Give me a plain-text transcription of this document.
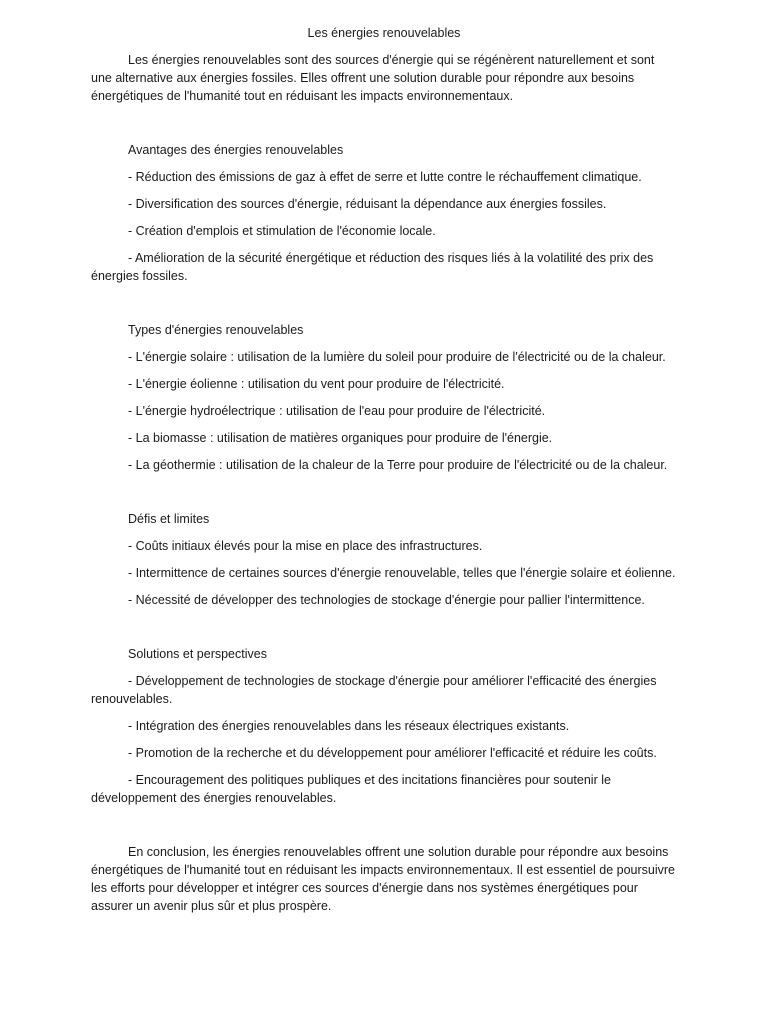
Les énergies renouvelables

Les énergies renouvelables sont des sources d'énergie qui se régénèrent naturellement et sont une alternative aux énergies fossiles. Elles offrent une solution durable pour répondre aux besoins énergétiques de l'humanité tout en réduisant les impacts environnementaux.

Avantages des énergies renouvelables

- Réduction des émissions de gaz à effet de serre et lutte contre le réchauffement climatique.

- Diversification des sources d'énergie, réduisant la dépendance aux énergies fossiles.

- Création d'emplois et stimulation de l'économie locale.

- Amélioration de la sécurité énergétique et réduction des risques liés à la volatilité des prix des énergies fossiles.

Types d'énergies renouvelables

- L'énergie solaire : utilisation de la lumière du soleil pour produire de l'électricité ou de la chaleur.

- L'énergie éolienne : utilisation du vent pour produire de l'électricité.

- L'énergie hydroélectrique : utilisation de l'eau pour produire de l'électricité.

- La biomasse : utilisation de matières organiques pour produire de l'énergie.

- La géothermie : utilisation de la chaleur de la Terre pour produire de l'électricité ou de la chaleur.

Défis et limites

- Coûts initiaux élevés pour la mise en place des infrastructures.

- Intermittence de certaines sources d'énergie renouvelable, telles que l'énergie solaire et éolienne.

- Nécessité de développer des technologies de stockage d'énergie pour pallier l'intermittence.

Solutions et perspectives

- Développement de technologies de stockage d'énergie pour améliorer l'efficacité des énergies renouvelables.

- Intégration des énergies renouvelables dans les réseaux électriques existants.

- Promotion de la recherche et du développement pour améliorer l'efficacité et réduire les coûts.

- Encouragement des politiques publiques et des incitations financières pour soutenir le développement des énergies renouvelables.

En conclusion, les énergies renouvelables offrent une solution durable pour répondre aux besoins énergétiques de l'humanité tout en réduisant les impacts environnementaux. Il est essentiel de poursuivre les efforts pour développer et intégrer ces sources d'énergie dans nos systèmes énergétiques pour assurer un avenir plus sûr et plus prospère.
